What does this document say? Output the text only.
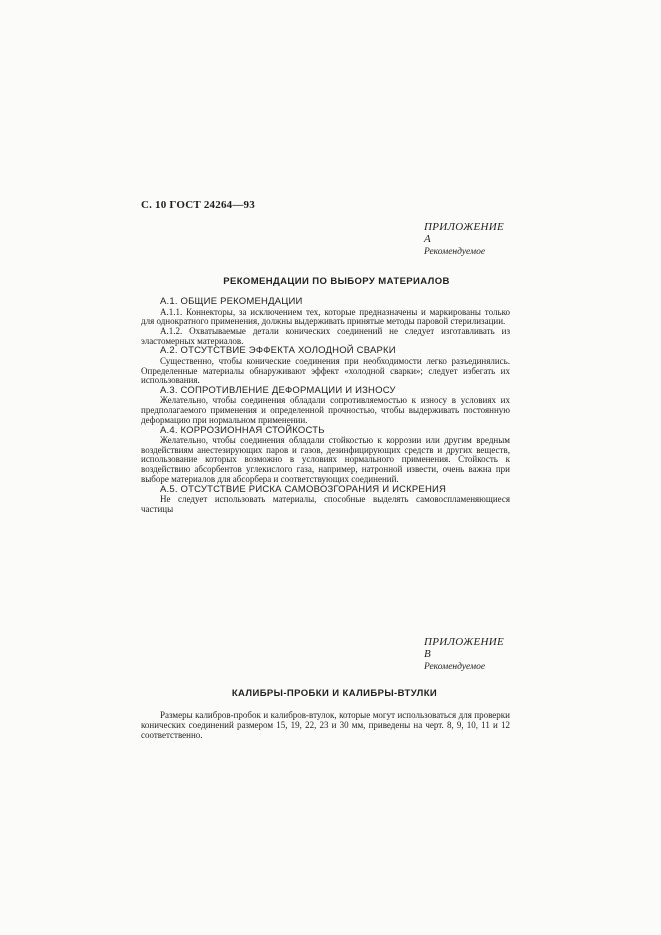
С. 10 ГОСТ 24264—93
ПРИЛОЖЕНИЕ А
Рекомендуемое
РЕКОМЕНДАЦИИ ПО ВЫБОРУ МАТЕРИАЛОВ
А.1. ОБЩИЕ РЕКОМЕНДАЦИИ

А.1.1. Коннекторы, за исключением тех, которые предназначены и маркированы только для однократного применения, должны выдерживать принятые методы паровой стерилизации.

А.1.2. Охватываемые детали конических соединений не следует изготавливать из эластомерных материалов.

А.2. ОТСУТСТВИЕ ЭФФЕКТА ХОЛОДНОЙ СВАРКИ

Существенно, чтобы конические соединения при необходимости легко разъединялись. Определенные материалы обнаруживают эффект «холодной сварки»; следует избегать их использования.

А.3. СОПРОТИВЛЕНИЕ ДЕФОРМАЦИИ И ИЗНОСУ

Желательно, чтобы соединения обладали сопротивляемостью к износу в условиях их предполагаемого применения и определенной прочностью, чтобы выдерживать постоянную деформацию при нормальном применении.

А.4. КОРРОЗИОННАЯ СТОЙКОСТЬ

Желательно, чтобы соединения обладали стойкостью к коррозии или другим вредным воздействиям анестезирующих паров и газов, дезинфицирующих средств и других веществ, использование которых возможно в условиях нормального применения. Стойкость к воздействию абсорбентов углекислого газа, например, натронной извести, очень важна при выборе материалов для абсорбера и соответствующих соединений.

А.5. ОТСУТСТВИЕ РИСКА САМОВОЗГОРАНИЯ И ИСКРЕНИЯ

Не следует использовать материалы, способные выделять самовоспламеняющиеся частицы

ПРИЛОЖЕНИЕ В
Рекомендуемое
КАЛИБРЫ-ПРОБКИ И КАЛИБРЫ-ВТУЛКИ

Размеры калибров-пробок и калибров-втулок, которые могут использоваться для проверки конических соединений размером 15, 19, 22, 23 и 30 мм, приведены на черт. 8, 9, 10, 11 и 12 соответственно.
